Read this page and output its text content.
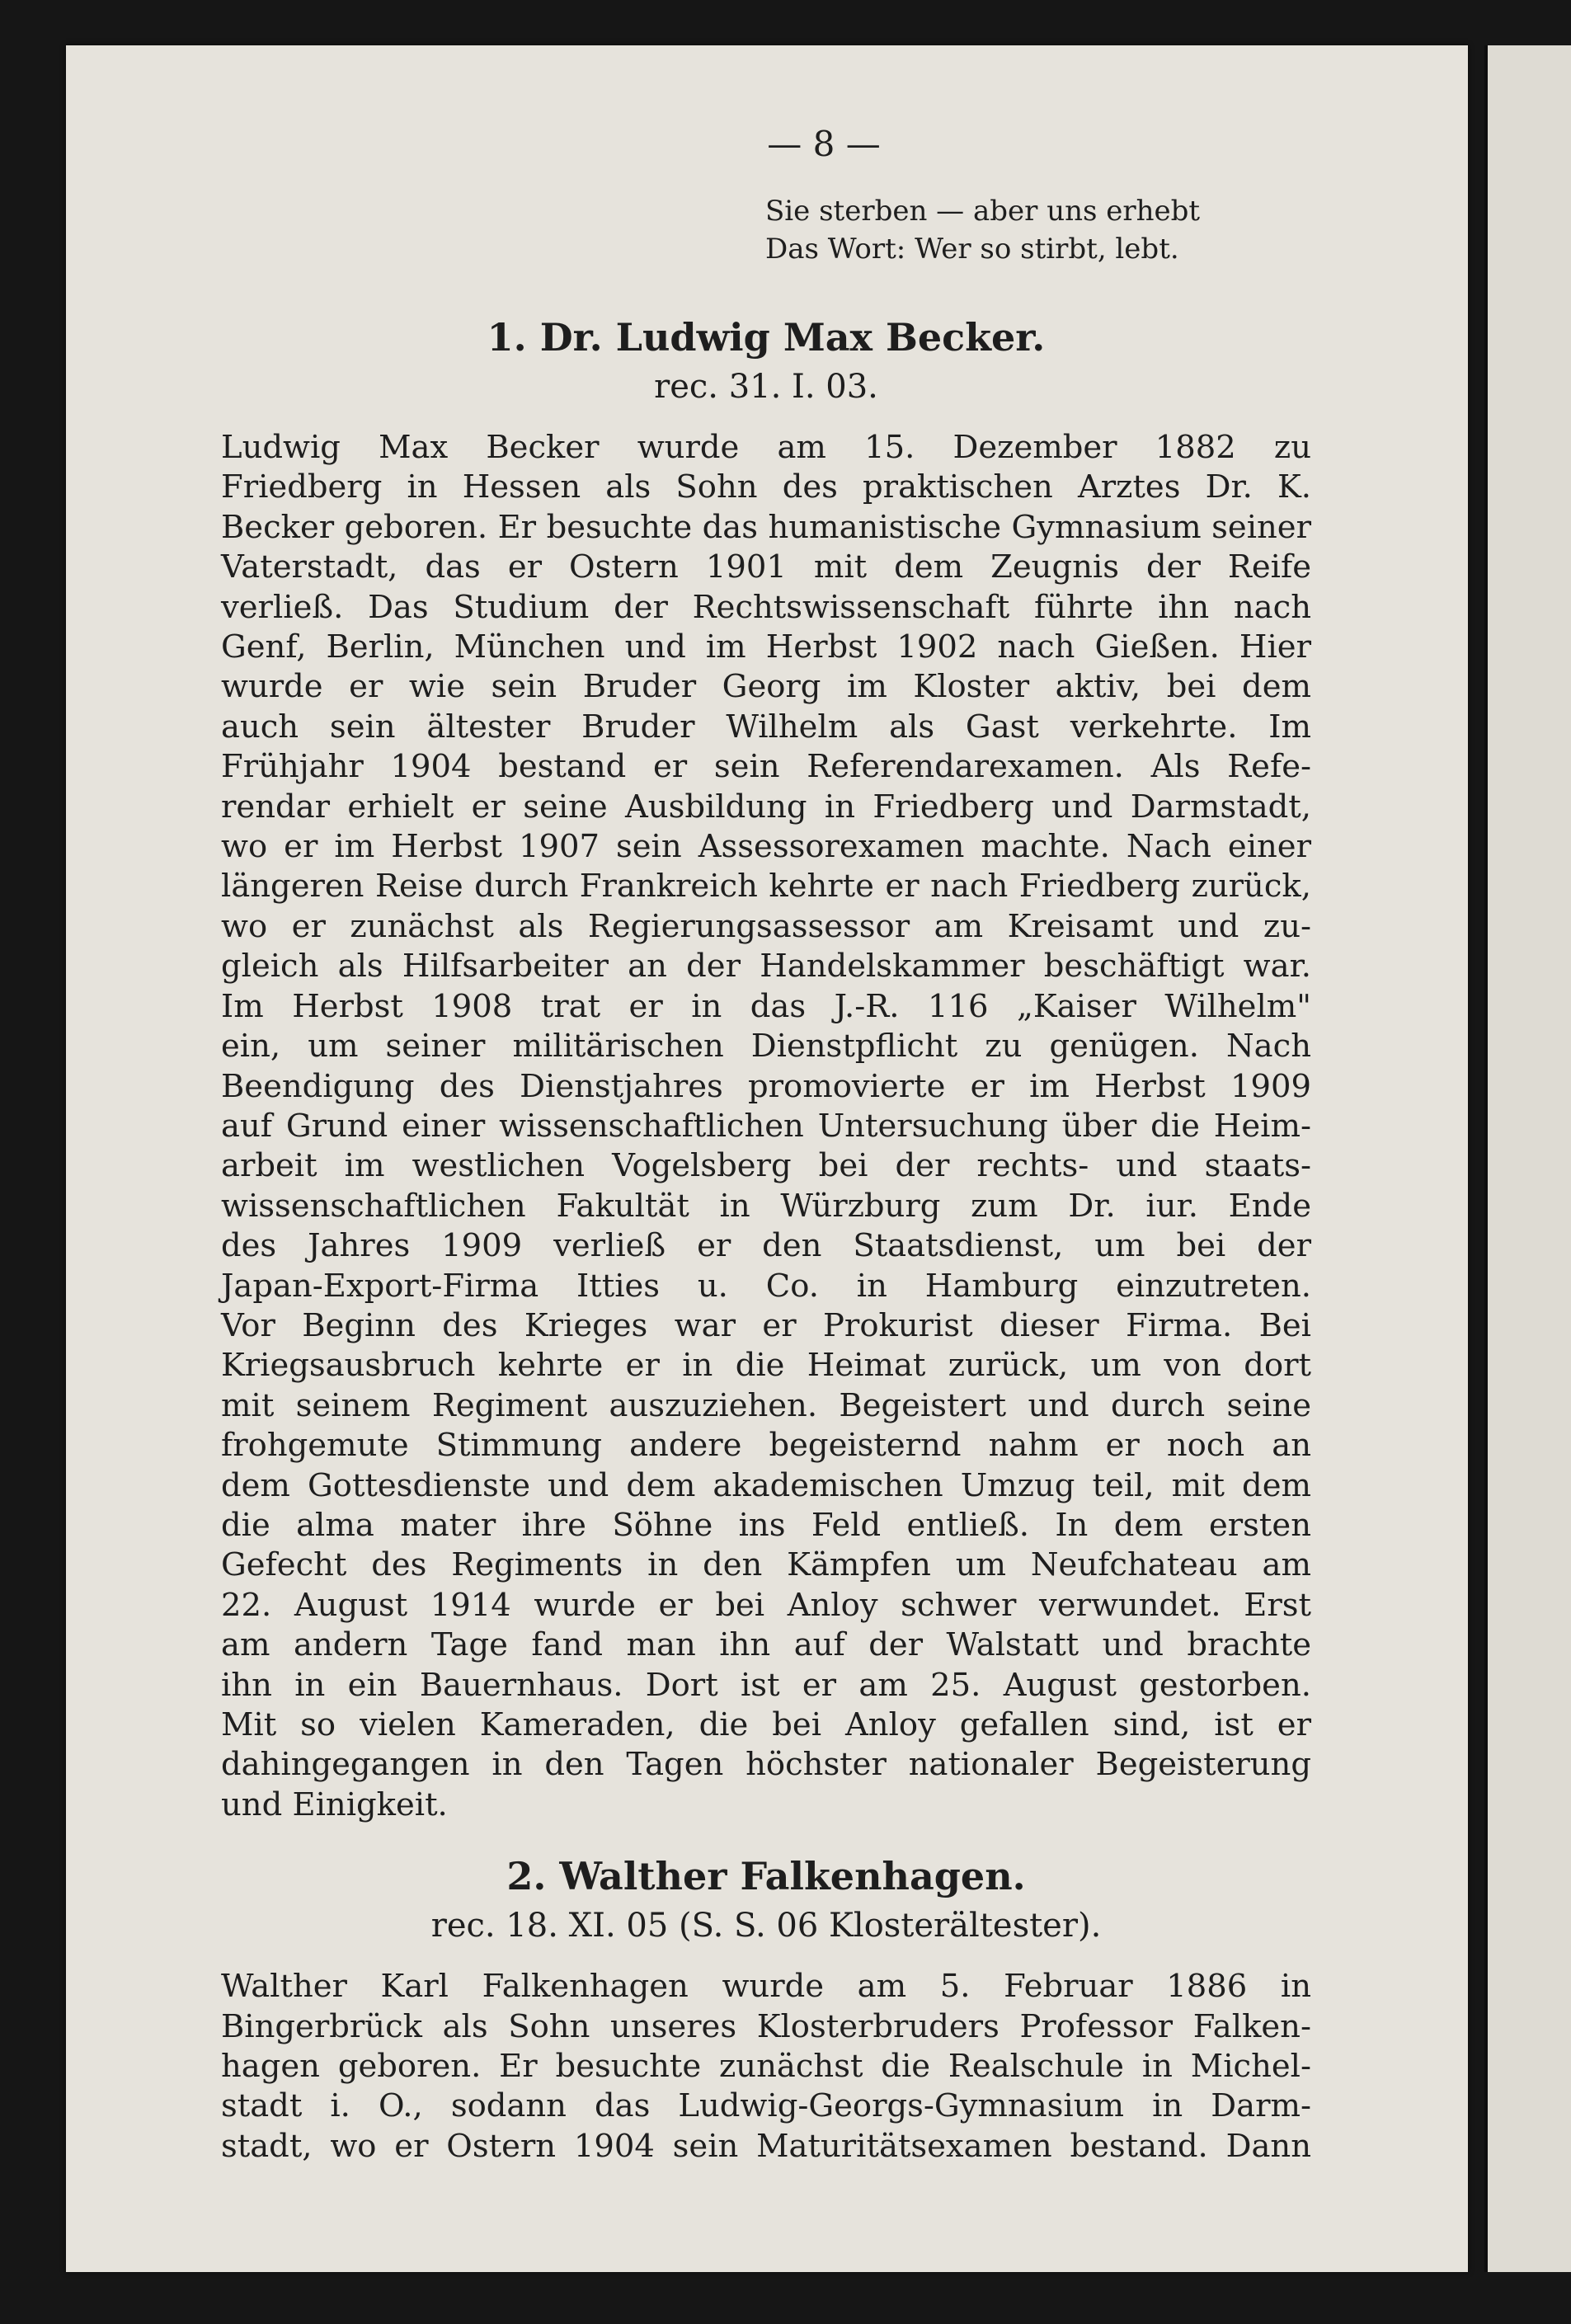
— 8 —
Sie sterben — aber uns erhebt
Das Wort: Wer so stirbt, lebt.
1. Dr. Ludwig Max Becker.
rec. 31. I. 03.
Ludwig Max Becker wurde am 15. Dezember 1882 zu
Friedberg in Hessen als Sohn des praktischen Arztes Dr. K.
Becker geboren. Er besuchte das humanistische Gymnasium seiner
Vaterstadt, das er Ostern 1901 mit dem Zeugnis der Reife
verließ. Das Studium der Rechtswissenschaft führte ihn nach
Genf, Berlin, München und im Herbst 1902 nach Gießen. Hier
wurde er wie sein Bruder Georg im Kloster aktiv, bei dem
auch sein ältester Bruder Wilhelm als Gast verkehrte. Im
Frühjahr 1904 bestand er sein Referendarexamen. Als Refe-
rendar erhielt er seine Ausbildung in Friedberg und Darmstadt,
wo er im Herbst 1907 sein Assessorexamen machte. Nach einer
längeren Reise durch Frankreich kehrte er nach Friedberg zurück,
wo er zunächst als Regierungsassessor am Kreisamt und zu-
gleich als Hilfsarbeiter an der Handelskammer beschäftigt war.
Im Herbst 1908 trat er in das J.-R. 116 „Kaiser Wilhelm"
ein, um seiner militärischen Dienstpflicht zu genügen. Nach
Beendigung des Dienstjahres promovierte er im Herbst 1909
auf Grund einer wissenschaftlichen Untersuchung über die Heim-
arbeit im westlichen Vogelsberg bei der rechts- und staats-
wissenschaftlichen Fakultät in Würzburg zum Dr. iur. Ende
des Jahres 1909 verließ er den Staatsdienst, um bei der
Japan-Export-Firma Itties u. Co. in Hamburg einzutreten.
Vor Beginn des Krieges war er Prokurist dieser Firma. Bei
Kriegsausbruch kehrte er in die Heimat zurück, um von dort
mit seinem Regiment auszuziehen. Begeistert und durch seine
frohgemute Stimmung andere begeisternd nahm er noch an
dem Gottesdienste und dem akademischen Umzug teil, mit dem
die alma mater ihre Söhne ins Feld entließ. In dem ersten
Gefecht des Regiments in den Kämpfen um Neufchateau am
22. August 1914 wurde er bei Anloy schwer verwundet. Erst
am andern Tage fand man ihn auf der Walstatt und brachte
ihn in ein Bauernhaus. Dort ist er am 25. August gestorben.
Mit so vielen Kameraden, die bei Anloy gefallen sind, ist er
dahingegangen in den Tagen höchster nationaler Begeisterung
und Einigkeit.
2. Walther Falkenhagen.
rec. 18. XI. 05 (S. S. 06 Klosterältester).
Walther Karl Falkenhagen wurde am 5. Februar 1886 in
Bingerbrück als Sohn unseres Klosterbruders Professor Falken-
hagen geboren. Er besuchte zunächst die Realschule in Michel-
stadt i. O., sodann das Ludwig-Georgs-Gymnasium in Darm-
stadt, wo er Ostern 1904 sein Maturitätsexamen bestand. Dann
